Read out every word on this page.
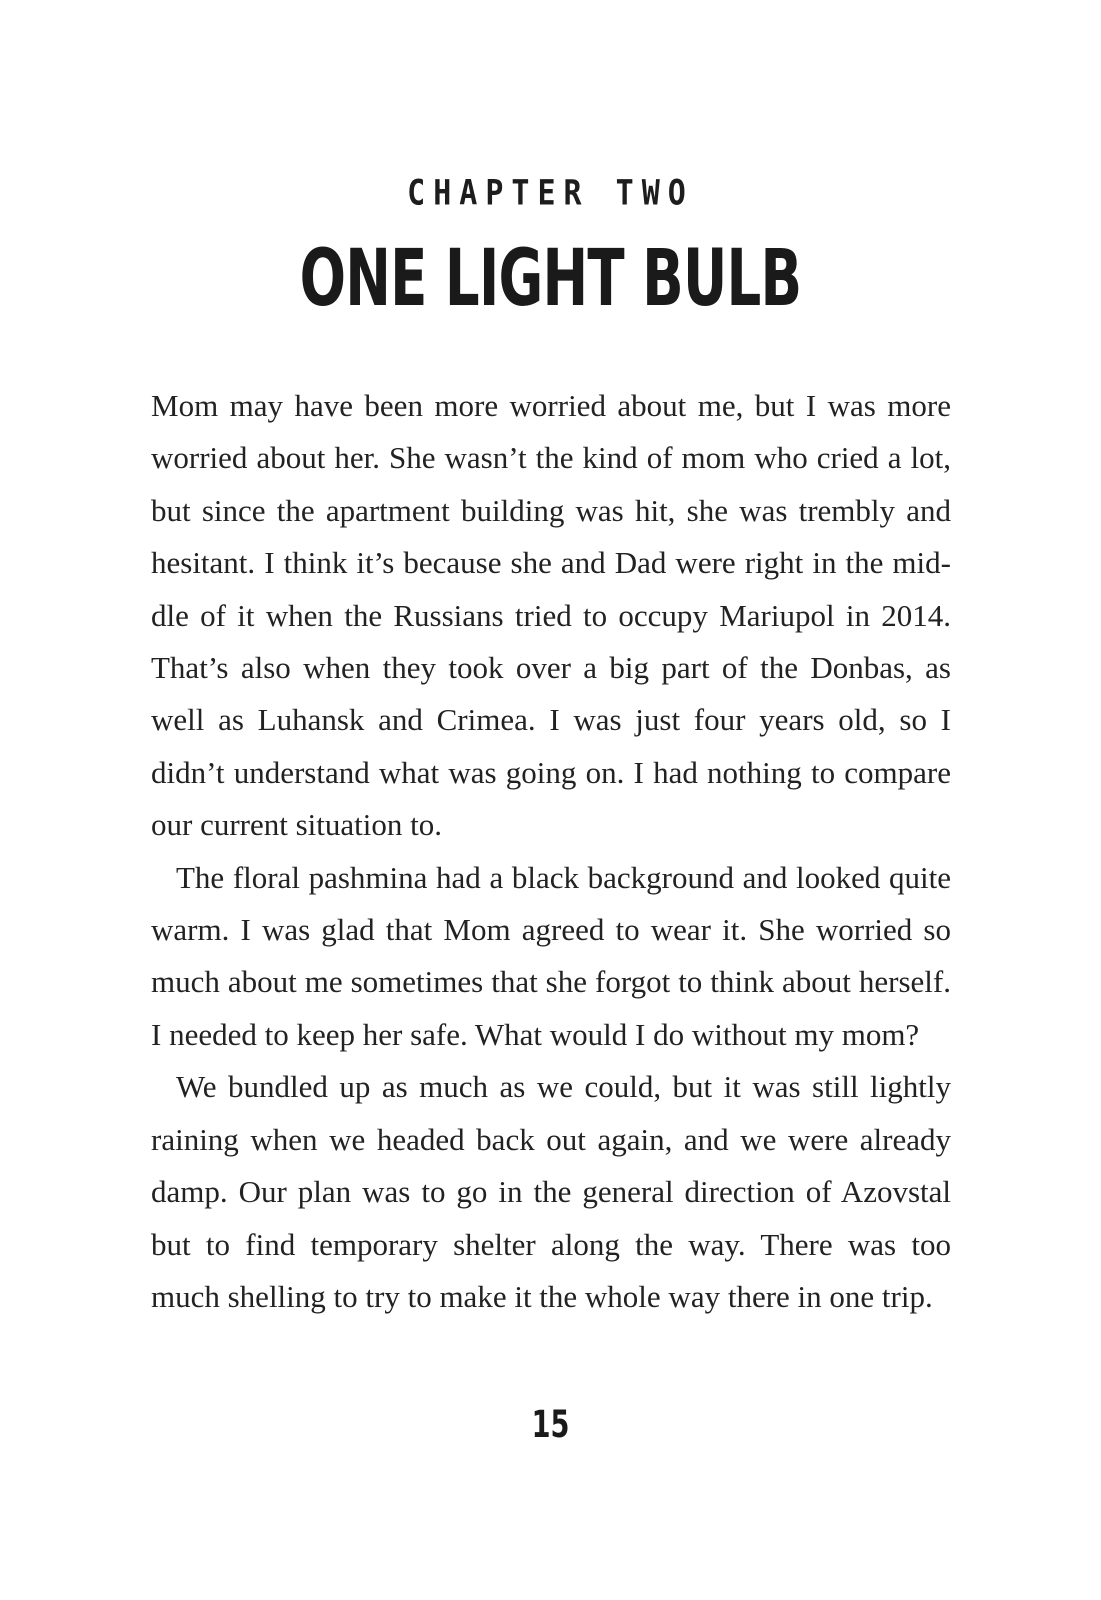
CHAPTER TWO
ONE LIGHT BULB

Mom may have been more worried about me, but I was more worried about her. She wasn’t the kind of mom who cried a lot, but since the apartment building was hit, she was trembly and hesitant. I think it’s because she and Dad were right in the middle of it when the Russians tried to occupy Mariupol in 2014. That’s also when they took over a big part of the Donbas, as well as Luhansk and Crimea. I was just four years old, so I didn’t understand what was going on. I had nothing to compare our current situation to.

The floral pashmina had a black background and looked quite warm. I was glad that Mom agreed to wear it. She worried so much about me sometimes that she forgot to think about herself. I needed to keep her safe. What would I do without my mom?

We bundled up as much as we could, but it was still lightly raining when we headed back out again, and we were already damp. Our plan was to go in the general direction of Azovstal but to find temporary shelter along the way. There was too much shelling to try to make it the whole way there in one trip.

15
